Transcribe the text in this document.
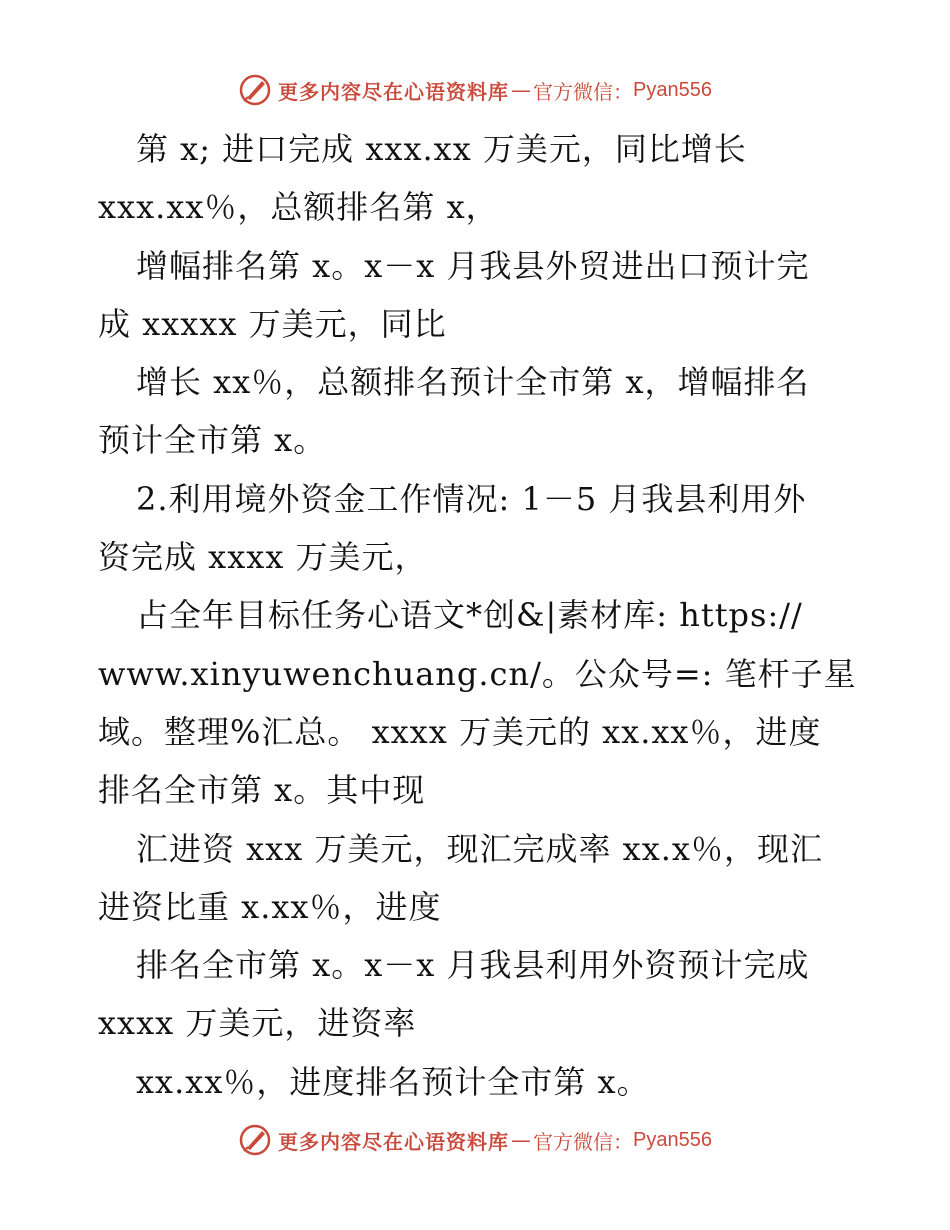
更多内容尽在心语资料库 — 官方微信： Pyan556
第 x; 进口完成 xxx.xx 万美元，同比增长
xxx.xx％，总额排名第 x，
增幅排名第 x。x－x 月我县外贸进出口预计完
成 xxxxx 万美元，同比
增长 xx％，总额排名预计全市第 x，增幅排名
预计全市第 x。
2.利用境外资金工作情况: 1－5 月我县利用外
资完成 xxxx 万美元，
占全年目标任务心语文*创&|素材库: https://
www.xinyuwenchuang.cn/。公众号=: 笔杆子星
域。整理%汇总。 xxxx 万美元的 xx.xx％，进度
排名全市第 x。其中现
汇进资 xxx 万美元，现汇完成率 xx.x％，现汇
进资比重 x.xx％，进度
排名全市第 x。x－x 月我县利用外资预计完成
xxxx 万美元，进资率
xx.xx％，进度排名预计全市第 x。
更多内容尽在心语资料库 — 官方微信： Pyan556
